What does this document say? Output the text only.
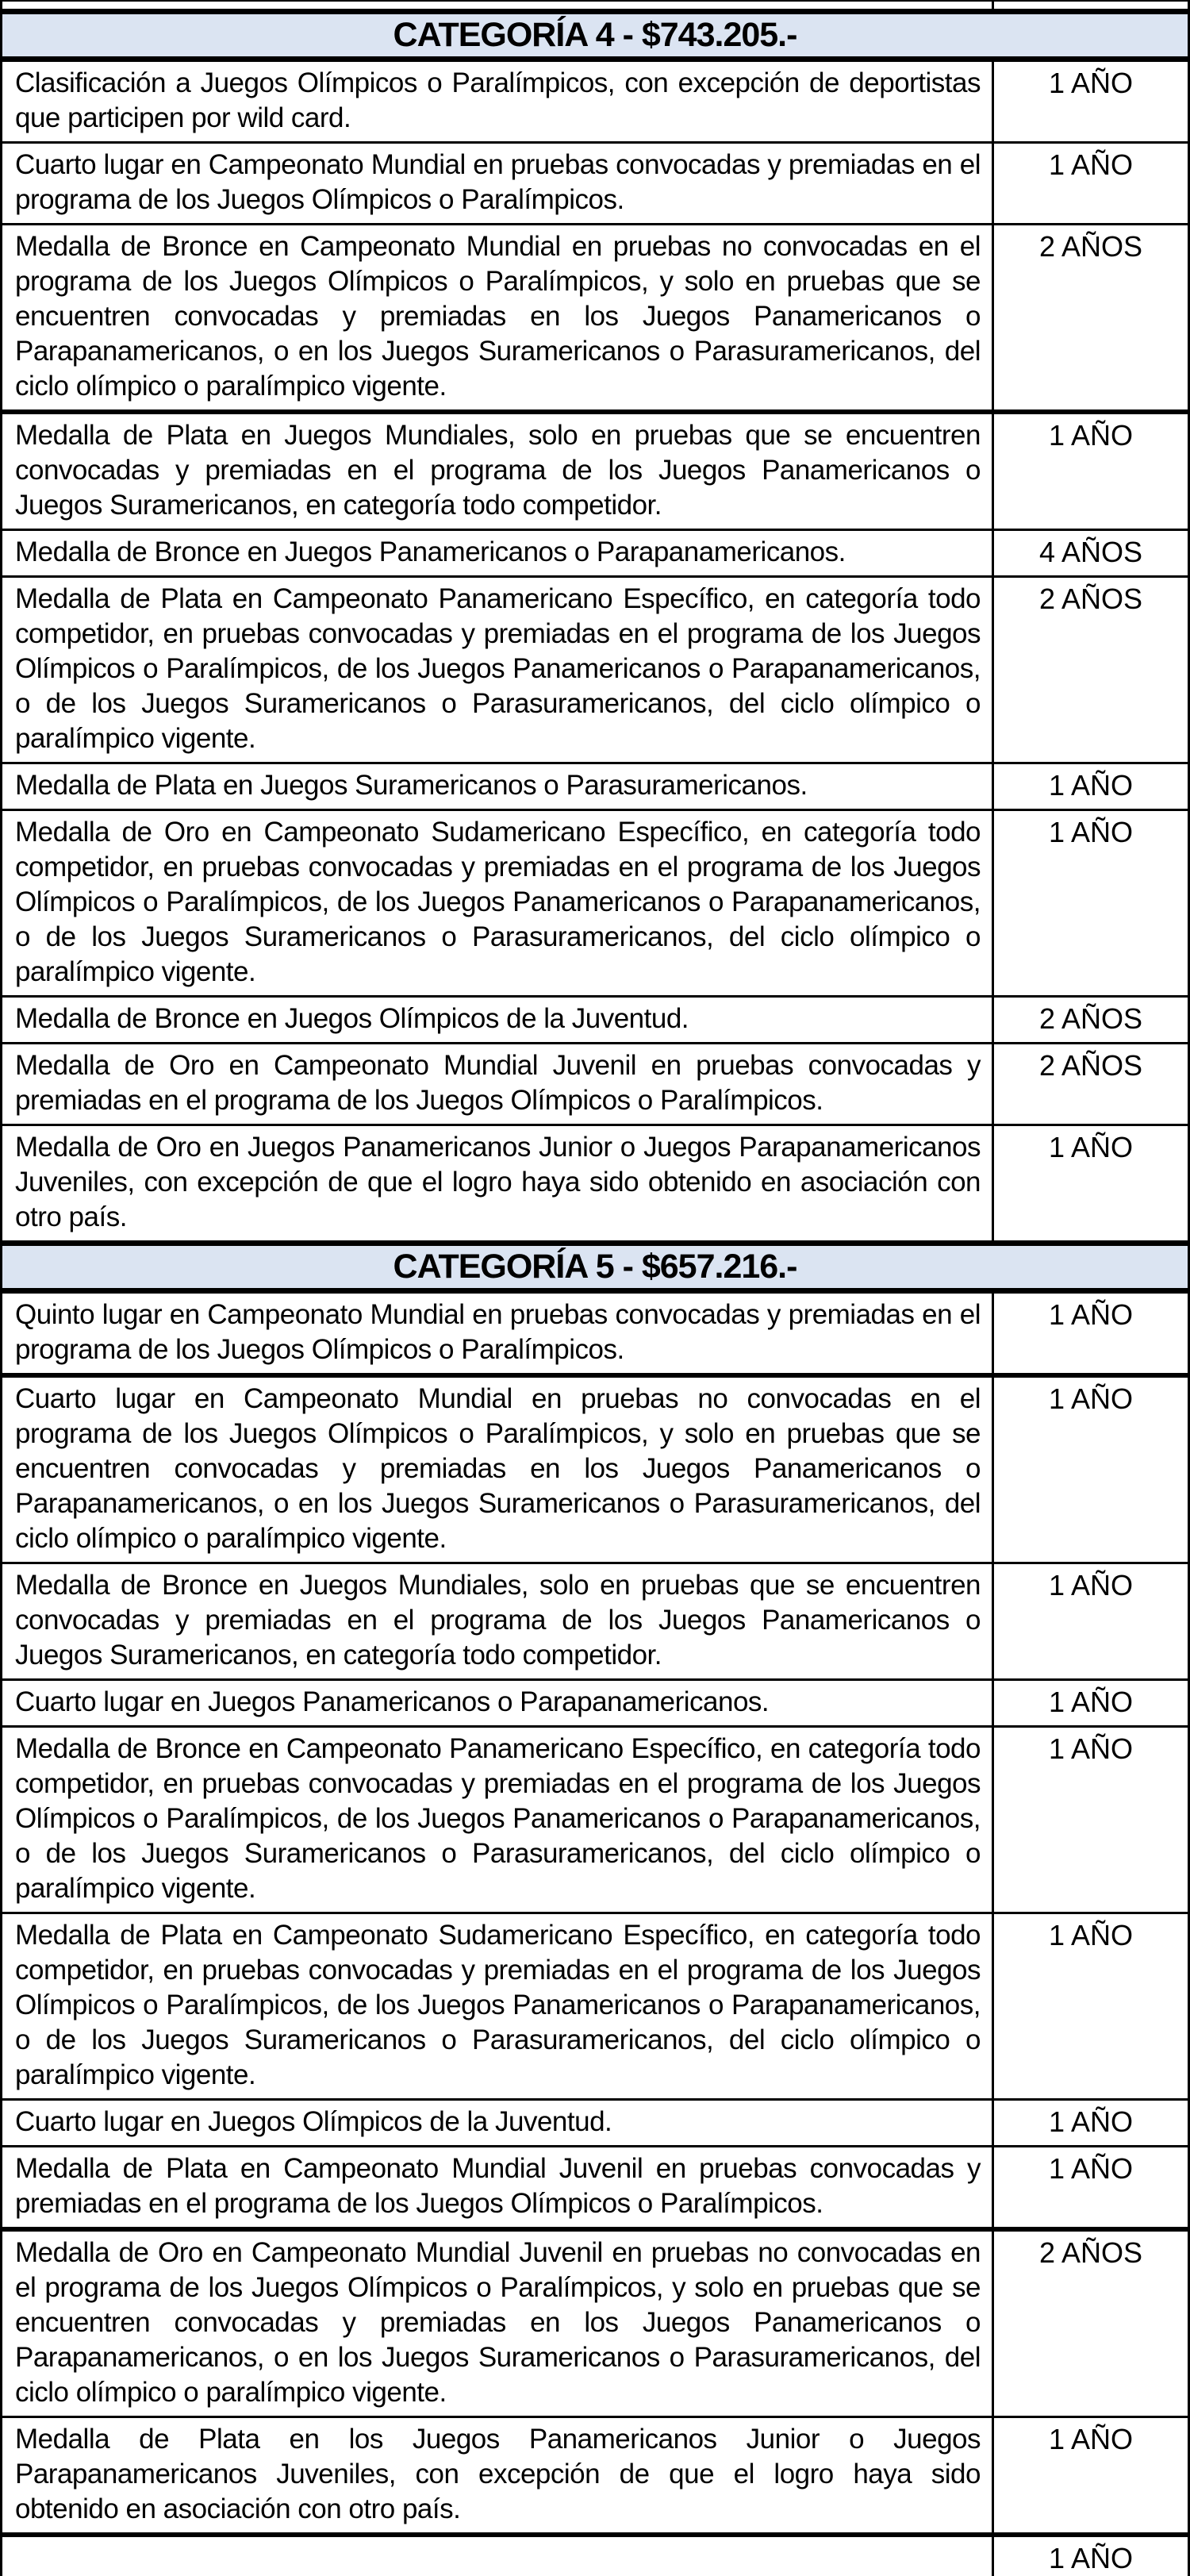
CATEGORÍA 4 - $743.205.-
Clasificación a Juegos Olímpicos o Paralímpicos, con excepción de deportistas que participen por wild card.
1 AÑO
Cuarto lugar en Campeonato Mundial en pruebas convocadas y premiadas en el programa de los Juegos Olímpicos o Paralímpicos.
1 AÑO
Medalla de Bronce en Campeonato Mundial en pruebas no convocadas en el programa de los Juegos Olímpicos o Paralímpicos, y solo en pruebas que se encuentren convocadas y premiadas en los Juegos Panamericanos o Parapanamericanos, o en los Juegos Suramericanos o Parasuramericanos, del ciclo olímpico o paralímpico vigente.
2 AÑOS
Medalla de Plata en Juegos Mundiales, solo en pruebas que se encuentren convocadas y premiadas en el programa de los Juegos Panamericanos o Juegos Suramericanos, en categoría todo competidor.
1 AÑO
Medalla de Bronce en Juegos Panamericanos o Parapanamericanos.	4 AÑOS
Medalla de Plata en Campeonato Panamericano Específico, en categoría todo competidor, en pruebas convocadas y premiadas en el programa de los Juegos Olímpicos o Paralímpicos, de los Juegos Panamericanos o Parapanamericanos, o de los Juegos Suramericanos o Parasuramericanos, del ciclo olímpico o paralímpico vigente.
2 AÑOS
Medalla de Plata en Juegos Suramericanos o Parasuramericanos.	1 AÑO
Medalla de Oro en Campeonato Sudamericano Específico, en categoría todo competidor, en pruebas convocadas y premiadas en el programa de los Juegos Olímpicos o Paralímpicos, de los Juegos Panamericanos o Parapanamericanos, o de los Juegos Suramericanos o Parasuramericanos, del ciclo olímpico o paralímpico vigente.
1 AÑO
Medalla de Bronce en Juegos Olímpicos de la Juventud.	2 AÑOS
Medalla de Oro en Campeonato Mundial Juvenil en pruebas convocadas y premiadas en el programa de los Juegos Olímpicos o Paralímpicos.
2 AÑOS
Medalla de Oro en Juegos Panamericanos Junior o Juegos Parapanamericanos Juveniles, con excepción de que el logro haya sido obtenido en asociación con otro país.
1 AÑO
CATEGORÍA 5 - $657.216.-
Quinto lugar en Campeonato Mundial en pruebas convocadas y premiadas en el programa de los Juegos Olímpicos o Paralímpicos.
1 AÑO
Cuarto lugar en Campeonato Mundial en pruebas no convocadas en el programa de los Juegos Olímpicos o Paralímpicos, y solo en pruebas que se encuentren convocadas y premiadas en los Juegos Panamericanos o Parapanamericanos, o en los Juegos Suramericanos o Parasuramericanos, del ciclo olímpico o paralímpico vigente.
1 AÑO
Medalla de Bronce en Juegos Mundiales, solo en pruebas que se encuentren convocadas y premiadas en el programa de los Juegos Panamericanos o Juegos Suramericanos, en categoría todo competidor.
1 AÑO
Cuarto lugar en Juegos Panamericanos o Parapanamericanos.	1 AÑO
Medalla de Bronce en Campeonato Panamericano Específico, en categoría todo competidor, en pruebas convocadas y premiadas en el programa de los Juegos Olímpicos o Paralímpicos, de los Juegos Panamericanos o Parapanamericanos, o de los Juegos Suramericanos o Parasuramericanos, del ciclo olímpico o paralímpico vigente.
1 AÑO
Medalla de Plata en Campeonato Sudamericano Específico, en categoría todo competidor, en pruebas convocadas y premiadas en el programa de los Juegos Olímpicos o Paralímpicos, de los Juegos Panamericanos o Parapanamericanos, o de los Juegos Suramericanos o Parasuramericanos, del ciclo olímpico o paralímpico vigente.
1 AÑO
Cuarto lugar en Juegos Olímpicos de la Juventud.	1 AÑO
Medalla de Plata en Campeonato Mundial Juvenil en pruebas convocadas y premiadas en el programa de los Juegos Olímpicos o Paralímpicos.
1 AÑO
Medalla de Oro en Campeonato Mundial Juvenil en pruebas no convocadas en el programa de los Juegos Olímpicos o Paralímpicos, y solo en pruebas que se encuentren convocadas y premiadas en los Juegos Panamericanos o Parapanamericanos, o en los Juegos Suramericanos o Parasuramericanos, del ciclo olímpico o paralímpico vigente.
2 AÑOS
Medalla de Plata en los Juegos Panamericanos Junior o Juegos Parapanamericanos Juveniles, con excepción de que el logro haya sido obtenido en asociación con otro país.
1 AÑO
1 AÑO
